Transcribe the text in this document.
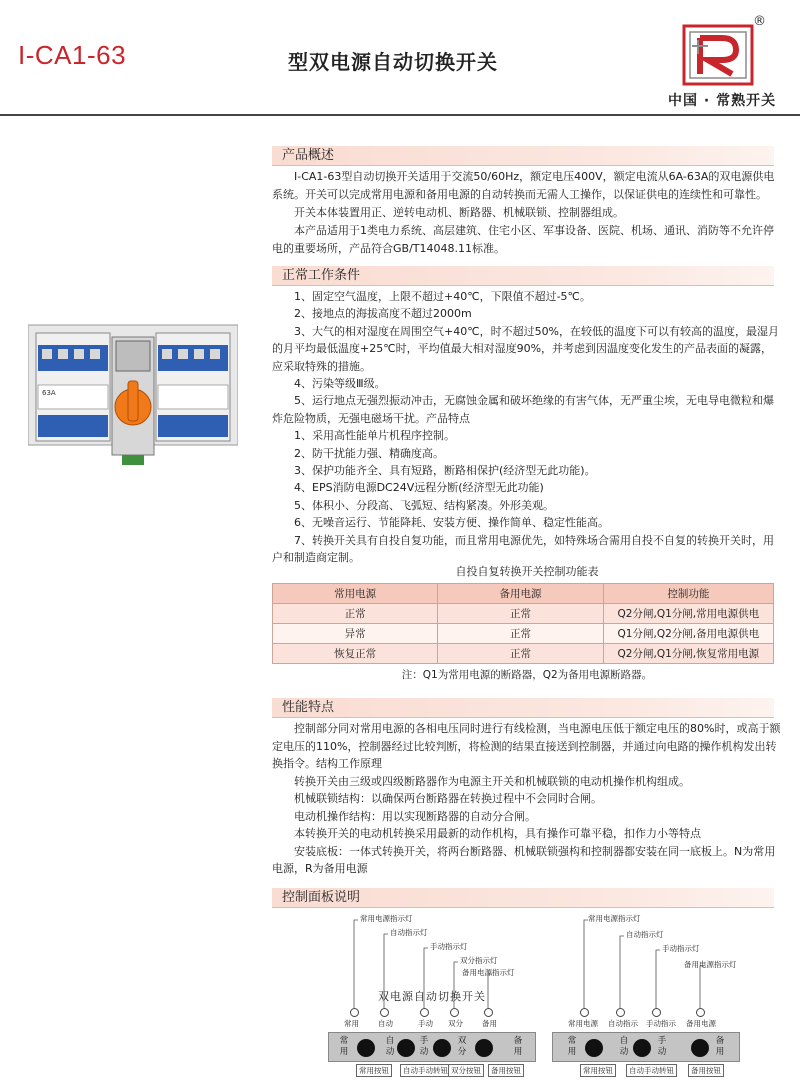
I-CA1-63	型双电源自动切换开关
®
中国 · 常熟开关
产品概述

I-CA1-63型自动切换开关适用于交流50/60Hz，额定电压400V，额定电流从6A-63A的双电源供电系统。开关可以完成常用电源和备用电源的自动转换而无需人工操作，以保证供电的连续性和可靠性。

开关本体装置用正、逆转电动机、断路器、机械联锁、控制器组成。

本产品适用于1类电力系统、高层建筑、住宅小区、军事设备、医院、机场、通讯、消防等不允许停电的重要场所，产品符合GB/T14048.11标准。

正常工作条件

1、固定空气温度，上限不超过+40℃，下限值不超过-5℃。

2、接地点的海拔高度不超过2000m

3、大气的相对湿度在周围空气+40℃，时不超过50%，在较低的温度下可以有较高的温度，最湿月的月平均最低温度+25℃时，平均值最大相对湿度90%，并考虑到因温度变化发生的产品表面的凝露，应采取特殊的措施。

4、污染等级Ⅲ级。

5、运行地点无强烈振动冲击，无腐蚀金属和破坏绝缘的有害气体，无严重尘埃，无电导电微粒和爆炸危险物质，无强电磁场干扰。产品特点

1、采用高性能单片机程序控制。

2、防干扰能力强、精确度高。

3、保护功能齐全、具有短路，断路相保护(经济型无此功能)。

4、EPS消防电源DC24V远程分断(经济型无此功能)

5、体积小、分段高、飞弧短、结构紧凑。外形美观。

6、无噪音运行、节能降耗、安装方便、操作简单、稳定性能高。

7、转换开关具有自投自复功能，而且常用电源优先，如特殊场合需用自投不自复的转换开关时，用户和制造商定制。

63A
自投自复转换开关控制功能表
常用电源	备用电源	控制功能
正常	正常	Q2分闸,Q1分闸,常用电源供电
异常	正常	Q1分闸,Q2分闸,备用电源供电
恢复正常	正常	Q2分闸,Q1分闸,恢复常用电源
注：Q1为常用电源的断路器，Q2为备用电源断路器。
性能特点

控制部分同对常用电源的各相电压同时进行有线检测，当电源电压低于额定电压的80%时，或高于额定电压的110%，控制器经过比较判断，将检测的结果直接送到控制器，并通过向电路的操作机构发出转换指令。结构工作原理

转换开关由三级或四级断路器作为电源主开关和机械联锁的电动机操作机构组成。

机械联锁结构：以确保两台断路器在转换过程中不会同时合闸。

电动机操作结构：用以实现断路器的自动分合闸。

本转换开关的电动机转换采用最新的动作机构，具有操作可靠平稳，扣作力小等特点

安装底板：一体式转换开关，将两台断路器、机械联锁强构和控制器都安装在同一底板上。N为常用电源，R为备用电源

控制面板说明
常用电源指示灯
自动指示灯
手动指示灯
双分指示灯
备用电源指示灯
双电源自动切换开关
常用	自动	手动 双分	备用
常用
自动
手动
双分
备用
常用按钮	自动手动转钮 双分按钮	备用按钮
常用电源指示灯
自动指示灯
手动指示灯
备用电源指示灯
常用电源 自动指示 手动指示 备用电源
常用
自动
手动
备用
常用按钮	自动手动转钮	备用按钮
